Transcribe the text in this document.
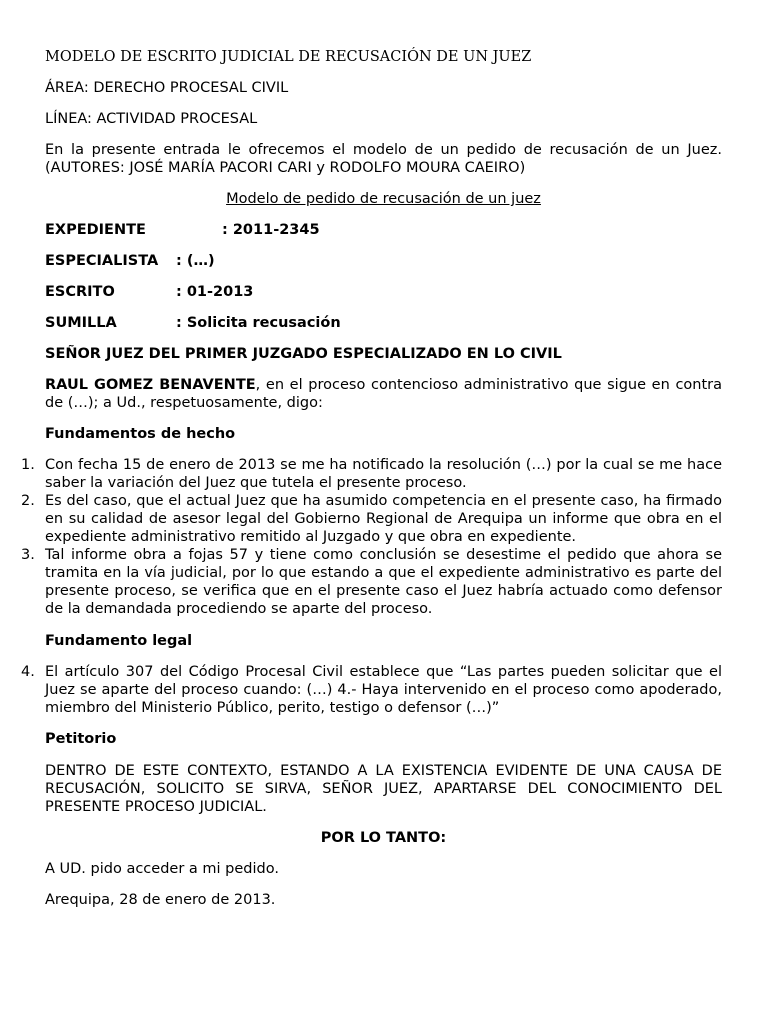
MODELO DE ESCRITO JUDICIAL DE RECUSACIÓN DE UN JUEZ
ÁREA: DERECHO PROCESAL CIVIL
LÍNEA: ACTIVIDAD PROCESAL
En la presente entrada le ofrecemos el modelo de un pedido de recusación de un Juez. (AUTORES: JOSÉ MARÍA PACORI CARI y RODOLFO MOURA CAEIRO)
Modelo de pedido de recusación de un juez
EXPEDIENTE	: 2011-2345
ESPECIALISTA : (…)
ESCRITO	: 01-2013
SUMILLA	: Solicita recusación
SEÑOR JUEZ DEL PRIMER JUZGADO ESPECIALIZADO EN LO CIVIL
RAUL GOMEZ BENAVENTE, en el proceso contencioso administrativo que sigue en contra de (…); a Ud., respetuosamente, digo:
Fundamentos de hecho
1. Con fecha 15 de enero de 2013 se me ha notificado la resolución (…) por la cual se me hace saber la variación del Juez que tutela el presente proceso.
2. Es del caso, que el actual Juez que ha asumido competencia en el presente caso, ha firmado en su calidad de asesor legal del Gobierno Regional de Arequipa un informe que obra en el expediente administrativo remitido al Juzgado y que obra en expediente.
3. Tal informe obra a fojas 57 y tiene como conclusión se desestime el pedido que ahora se tramita en la vía judicial, por lo que estando a que el expediente administrativo es parte del presente proceso, se verifica que en el presente caso el Juez habría actuado como defensor de la demandada procediendo se aparte del proceso.
Fundamento legal
4. El artículo 307 del Código Procesal Civil establece que “Las partes pueden solicitar que el Juez se aparte del proceso cuando: (…) 4.- Haya intervenido en el proceso como apoderado, miembro del Ministerio Público, perito, testigo o defensor (…)”
Petitorio
DENTRO DE ESTE CONTEXTO, ESTANDO A LA EXISTENCIA EVIDENTE DE UNA CAUSA DE RECUSACIÓN, SOLICITO SE SIRVA, SEÑOR JUEZ, APARTARSE DEL CONOCIMIENTO DEL PRESENTE PROCESO JUDICIAL.
POR LO TANTO:
A UD. pido acceder a mi pedido.
Arequipa, 28 de enero de 2013.
